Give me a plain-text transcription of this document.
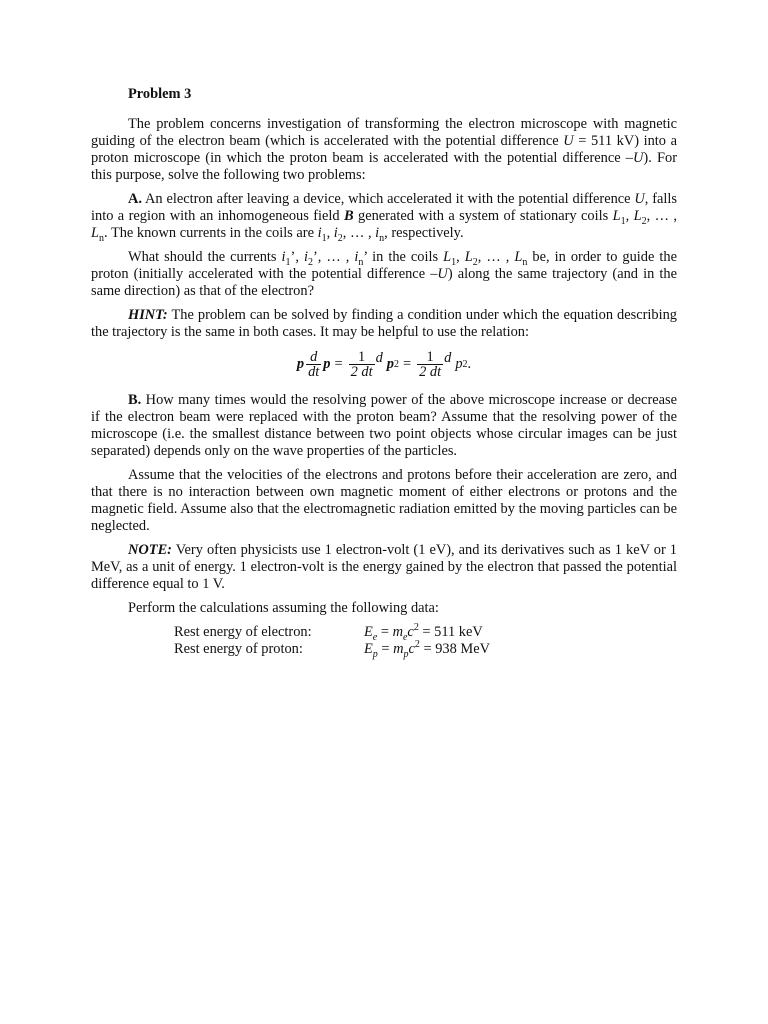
Problem 3

The problem concerns investigation of transforming the electron microscope with magnetic guiding of the electron beam (which is accelerated with the potential difference U = 511 kV) into a proton microscope (in which the proton beam is accelerated with the potential difference –U). For this purpose, solve the following two problems:

A. An electron after leaving a device, which accelerated it with the potential difference U, falls into a region with an inhomogeneous field B generated with a system of stationary coils $L_1$, $L_2$, … , $L_n$. The known currents in the coils are $i_1$, $i_2$, … , $i_n$, respectively.

What should the currents $i_1$’, $i_2$’, … , $i_n$’ in the coils $L_1$, $L_2$, … , $L_n$ be, in order to guide the proton (initially accelerated with the potential difference –U) along the same trajectory (and in the same direction) as that of the electron?

HINT: The problem can be solved by finding a condition under which the equation describing the trajectory is the same in both cases. It may be helpful to use the relation:

p $\frac{d}{dt}$ $p = \frac{1}{2 dt}$ d p $2 = \frac{1}{2 dt}$ d p 2 .

B. How many times would the resolving power of the above microscope increase or decrease if the electron beam were replaced with the proton beam? Assume that the resolving power of the microscope (i.e. the smallest distance between two point objects whose circular images can be just separated) depends only on the wave properties of the particles.

Assume that the velocities of the electrons and protons before their acceleration are zero, and that there is no interaction between own magnetic moment of either electrons or protons and the magnetic field. Assume also that the electromagnetic radiation emitted by the moving particles can be neglected.

NOTE: Very often physicists use 1 electron-volt (1 eV), and its derivatives such as 1 keV or 1 MeV, as a unit of energy. 1 electron-volt is the energy gained by the electron that passed the potential difference equal to 1 V.

Perform the calculations assuming the following data:

Rest energy of electron:	$E_e = m_ec^2 = 511$ keV
Rest energy of proton:	$E_p = m_pc^2 = 938$ MeV
